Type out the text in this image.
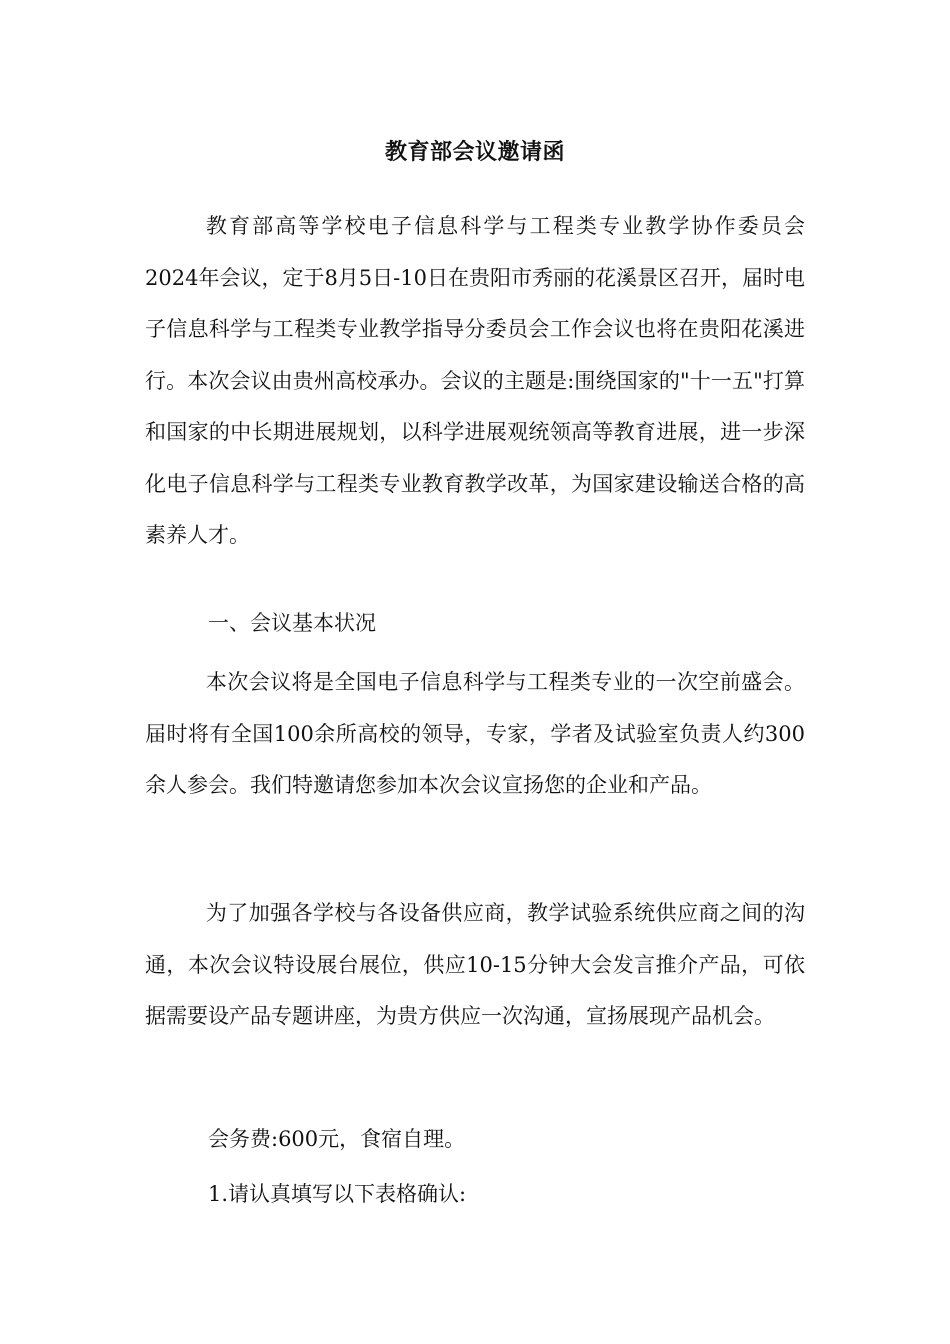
教育部会议邀请函

教育部高等学校电子信息科学与工程类专业教学协作委员会2024年会议，定于8月5日-10日在贵阳市秀丽的花溪景区召开，届时电子信息科学与工程类专业教学指导分委员会工作会议也将在贵阳花溪进行。本次会议由贵州高校承办。会议的主题是:围绕国家的"十一五"打算和国家的中长期进展规划，以科学进展观统领高等教育进展，进一步深化电子信息科学与工程类专业教育教学改革，为国家建设输送合格的高素养人才。

一、会议基本状况

本次会议将是全国电子信息科学与工程类专业的一次空前盛会。届时将有全国100余所高校的领导，专家，学者及试验室负责人约300余人参会。我们特邀请您参加本次会议宣扬您的企业和产品。

为了加强各学校与各设备供应商，教学试验系统供应商之间的沟通，本次会议特设展台展位，供应10-15分钟大会发言推介产品，可依据需要设产品专题讲座，为贵方供应一次沟通，宣扬展现产品机会。

会务费:600元，食宿自理。

1.请认真填写以下表格确认:
